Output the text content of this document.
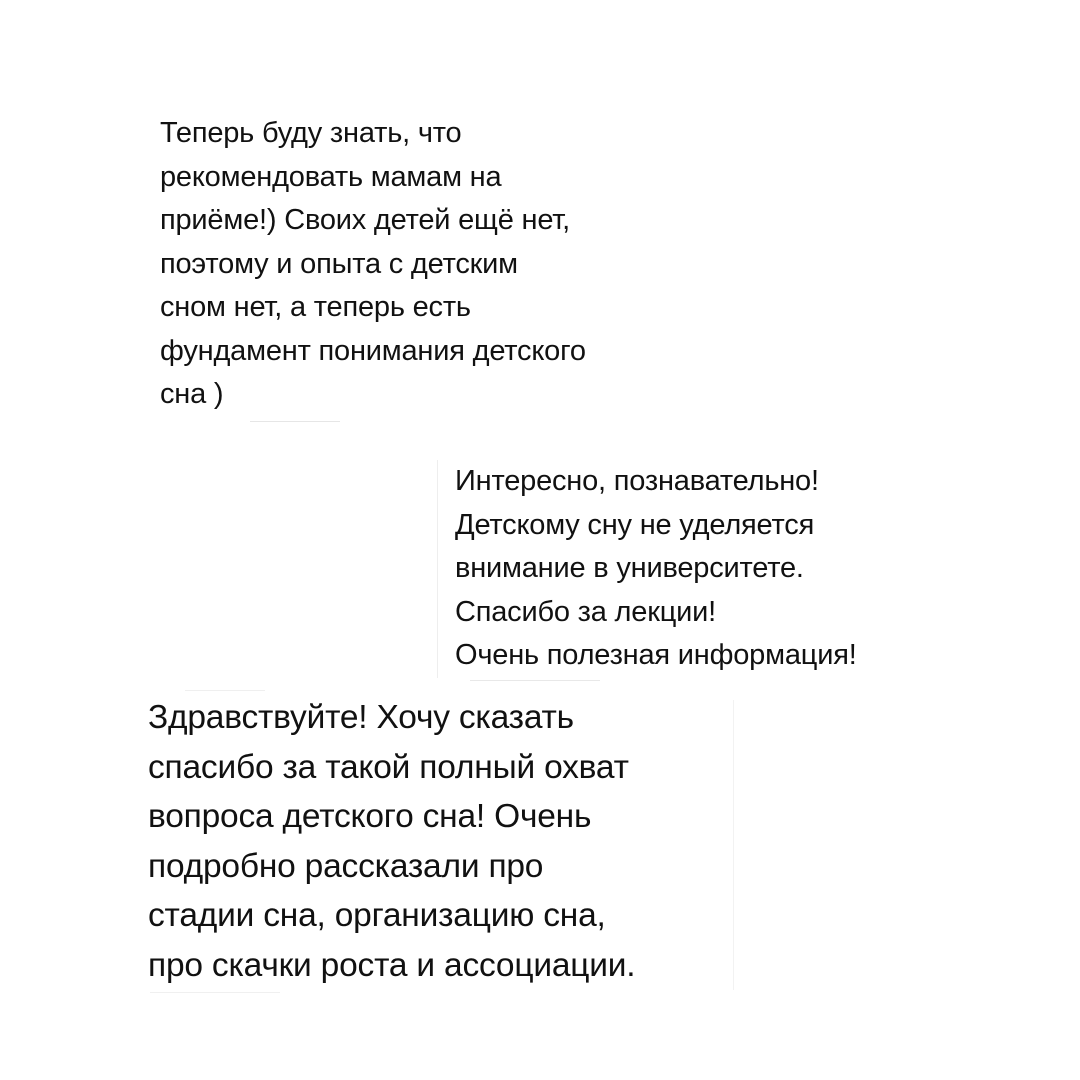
Теперь буду знать, что
рекомендовать мамам на
приёме!) Своих детей ещё нет,
поэтому и опыта с детским
сном нет, а теперь есть
фундамент понимания детского
сна )
Интересно, познавательно!
Детскому сну не уделяется
внимание в университете.
Спасибо за лекции!
Очень полезная информация!
Здравствуйте! Хочу сказать
спасибо за такой полный охват
вопроса детского сна! Очень
подробно рассказали про
стадии сна, организацию сна,
про скачки роста и ассоциации.
